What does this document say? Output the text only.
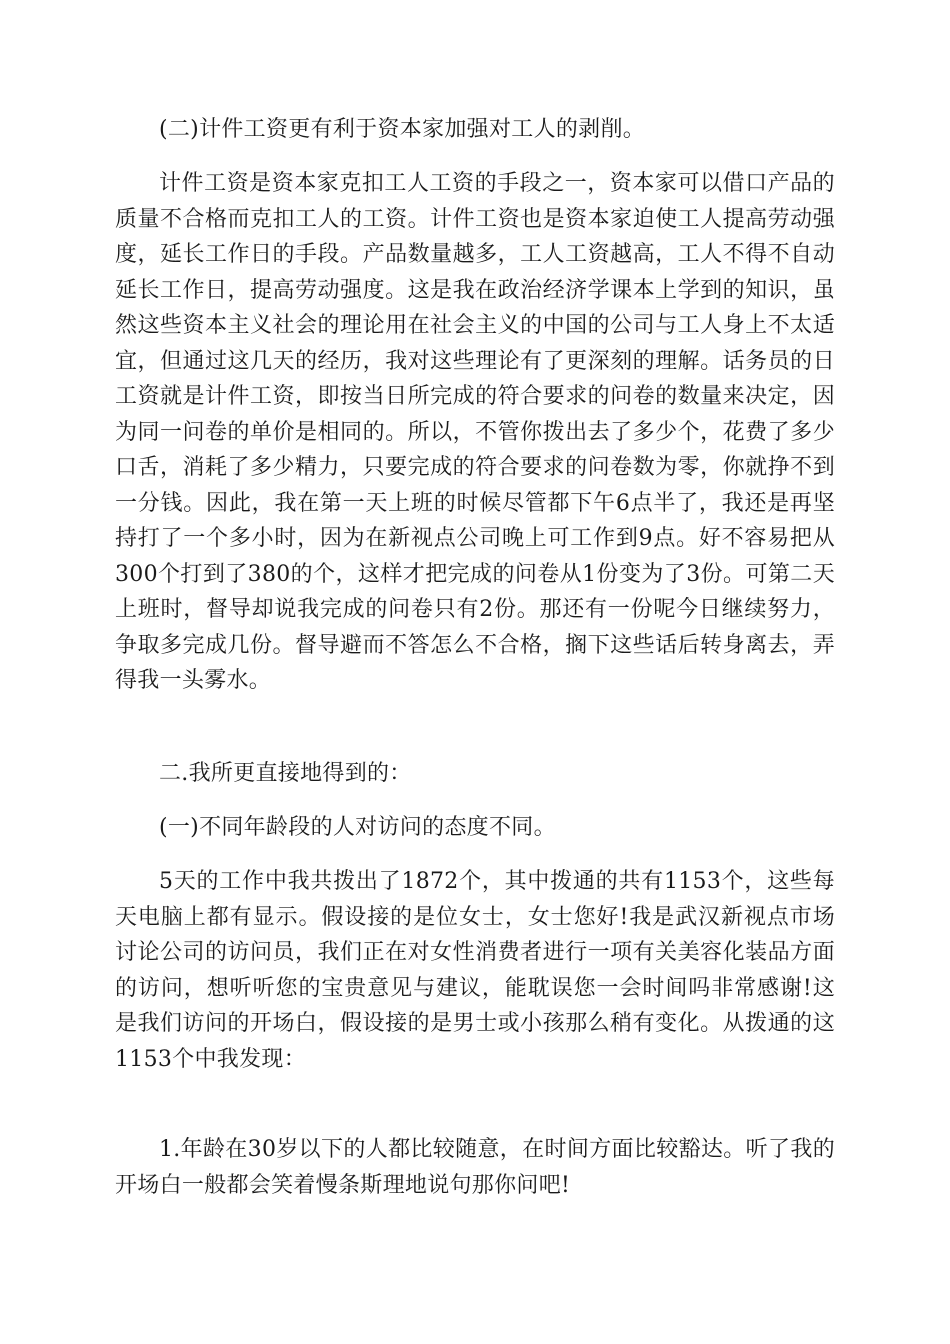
(二)计件工资更有利于资本家加强对工人的剥削。

计件工资是资本家克扣工人工资的手段之一，资本家可以借口产品的质量不合格而克扣工人的工资。计件工资也是资本家迫使工人提高劳动强度，延长工作日的手段。产品数量越多，工人工资越高，工人不得不自动延长工作日，提高劳动强度。这是我在政治经济学课本上学到的知识，虽然这些资本主义社会的理论用在社会主义的中国的公司与工人身上不太适宜，但通过这几天的经历，我对这些理论有了更深刻的理解。话务员的日工资就是计件工资，即按当日所完成的符合要求的问卷的数量来决定，因为同一问卷的单价是相同的。所以，不管你拨出去了多少个，花费了多少口舌，消耗了多少精力，只要完成的符合要求的问卷数为零，你就挣不到一分钱。因此，我在第一天上班的时候尽管都下午6点半了，我还是再坚持打了一个多小时，因为在新视点公司晚上可工作到9点。好不容易把从300个打到了380的个，这样才把完成的问卷从1份变为了3份。可第二天上班时，督导却说我完成的问卷只有2份。那还有一份呢今日继续努力，争取多完成几份。督导避而不答怎么不合格，搁下这些话后转身离去，弄得我一头雾水。

二.我所更直接地得到的：

(一)不同年龄段的人对访问的态度不同。

5天的工作中我共拨出了1872个，其中拨通的共有1153个，这些每天电脑上都有显示。假设接的是位女士，女士您好!我是武汉新视点市场讨论公司的访问员，我们正在对女性消费者进行一项有关美容化装品方面的访问，想听听您的宝贵意见与建议，能耽误您一会时间吗非常感谢!这是我们访问的开场白，假设接的是男士或小孩那么稍有变化。从拨通的这1153个中我发现：

1.年龄在30岁以下的人都比较随意，在时间方面比较豁达。听了我的开场白一般都会笑着慢条斯理地说句那你问吧!
